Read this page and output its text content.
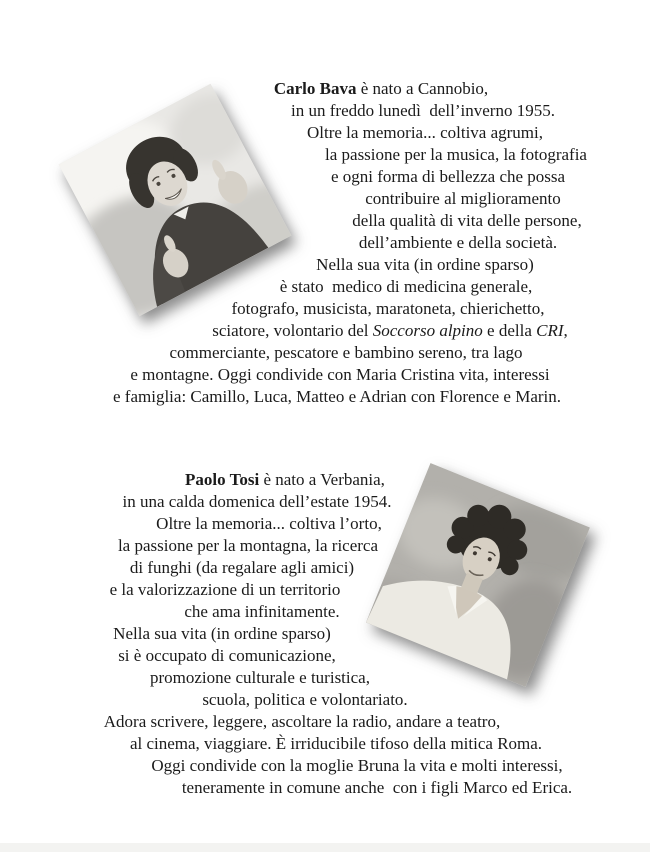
Carlo Bava è nato a Cannobio,
in un freddo lunedì  dell’inverno 1955.
Oltre la memoria... coltiva agrumi,
la passione per la musica, la fotografia
e ogni forma di bellezza che possa
contribuire al miglioramento
della qualità di vita delle persone,
dell’ambiente e della società.
Nella sua vita (in ordine sparso)
è stato  medico di medicina generale,
fotografo, musicista, maratoneta, chierichetto,
sciatore, volontario del Soccorso alpino e della CRI,
commerciante, pescatore e bambino sereno, tra lago
e montagne. Oggi condivide con Maria Cristina vita, interessi
e famiglia: Camillo, Luca, Matteo e Adrian con Florence e Marin.
Paolo Tosi è nato a Verbania,
in una calda domenica dell’estate 1954.
Oltre la memoria... coltiva l’orto,
la passione per la montagna, la ricerca
di funghi (da regalare agli amici)
e la valorizzazione di un territorio
che ama infinitamente.
Nella sua vita (in ordine sparso)
si è occupato di comunicazione,
promozione culturale e turistica,
scuola, politica e volontariato.
Adora scrivere, leggere, ascoltare la radio, andare a teatro,
al cinema, viaggiare. È irriducibile tifoso della mitica Roma.
Oggi condivide con la moglie Bruna la vita e molti interessi,
teneramente in comune anche  con i figli Marco ed Erica.
